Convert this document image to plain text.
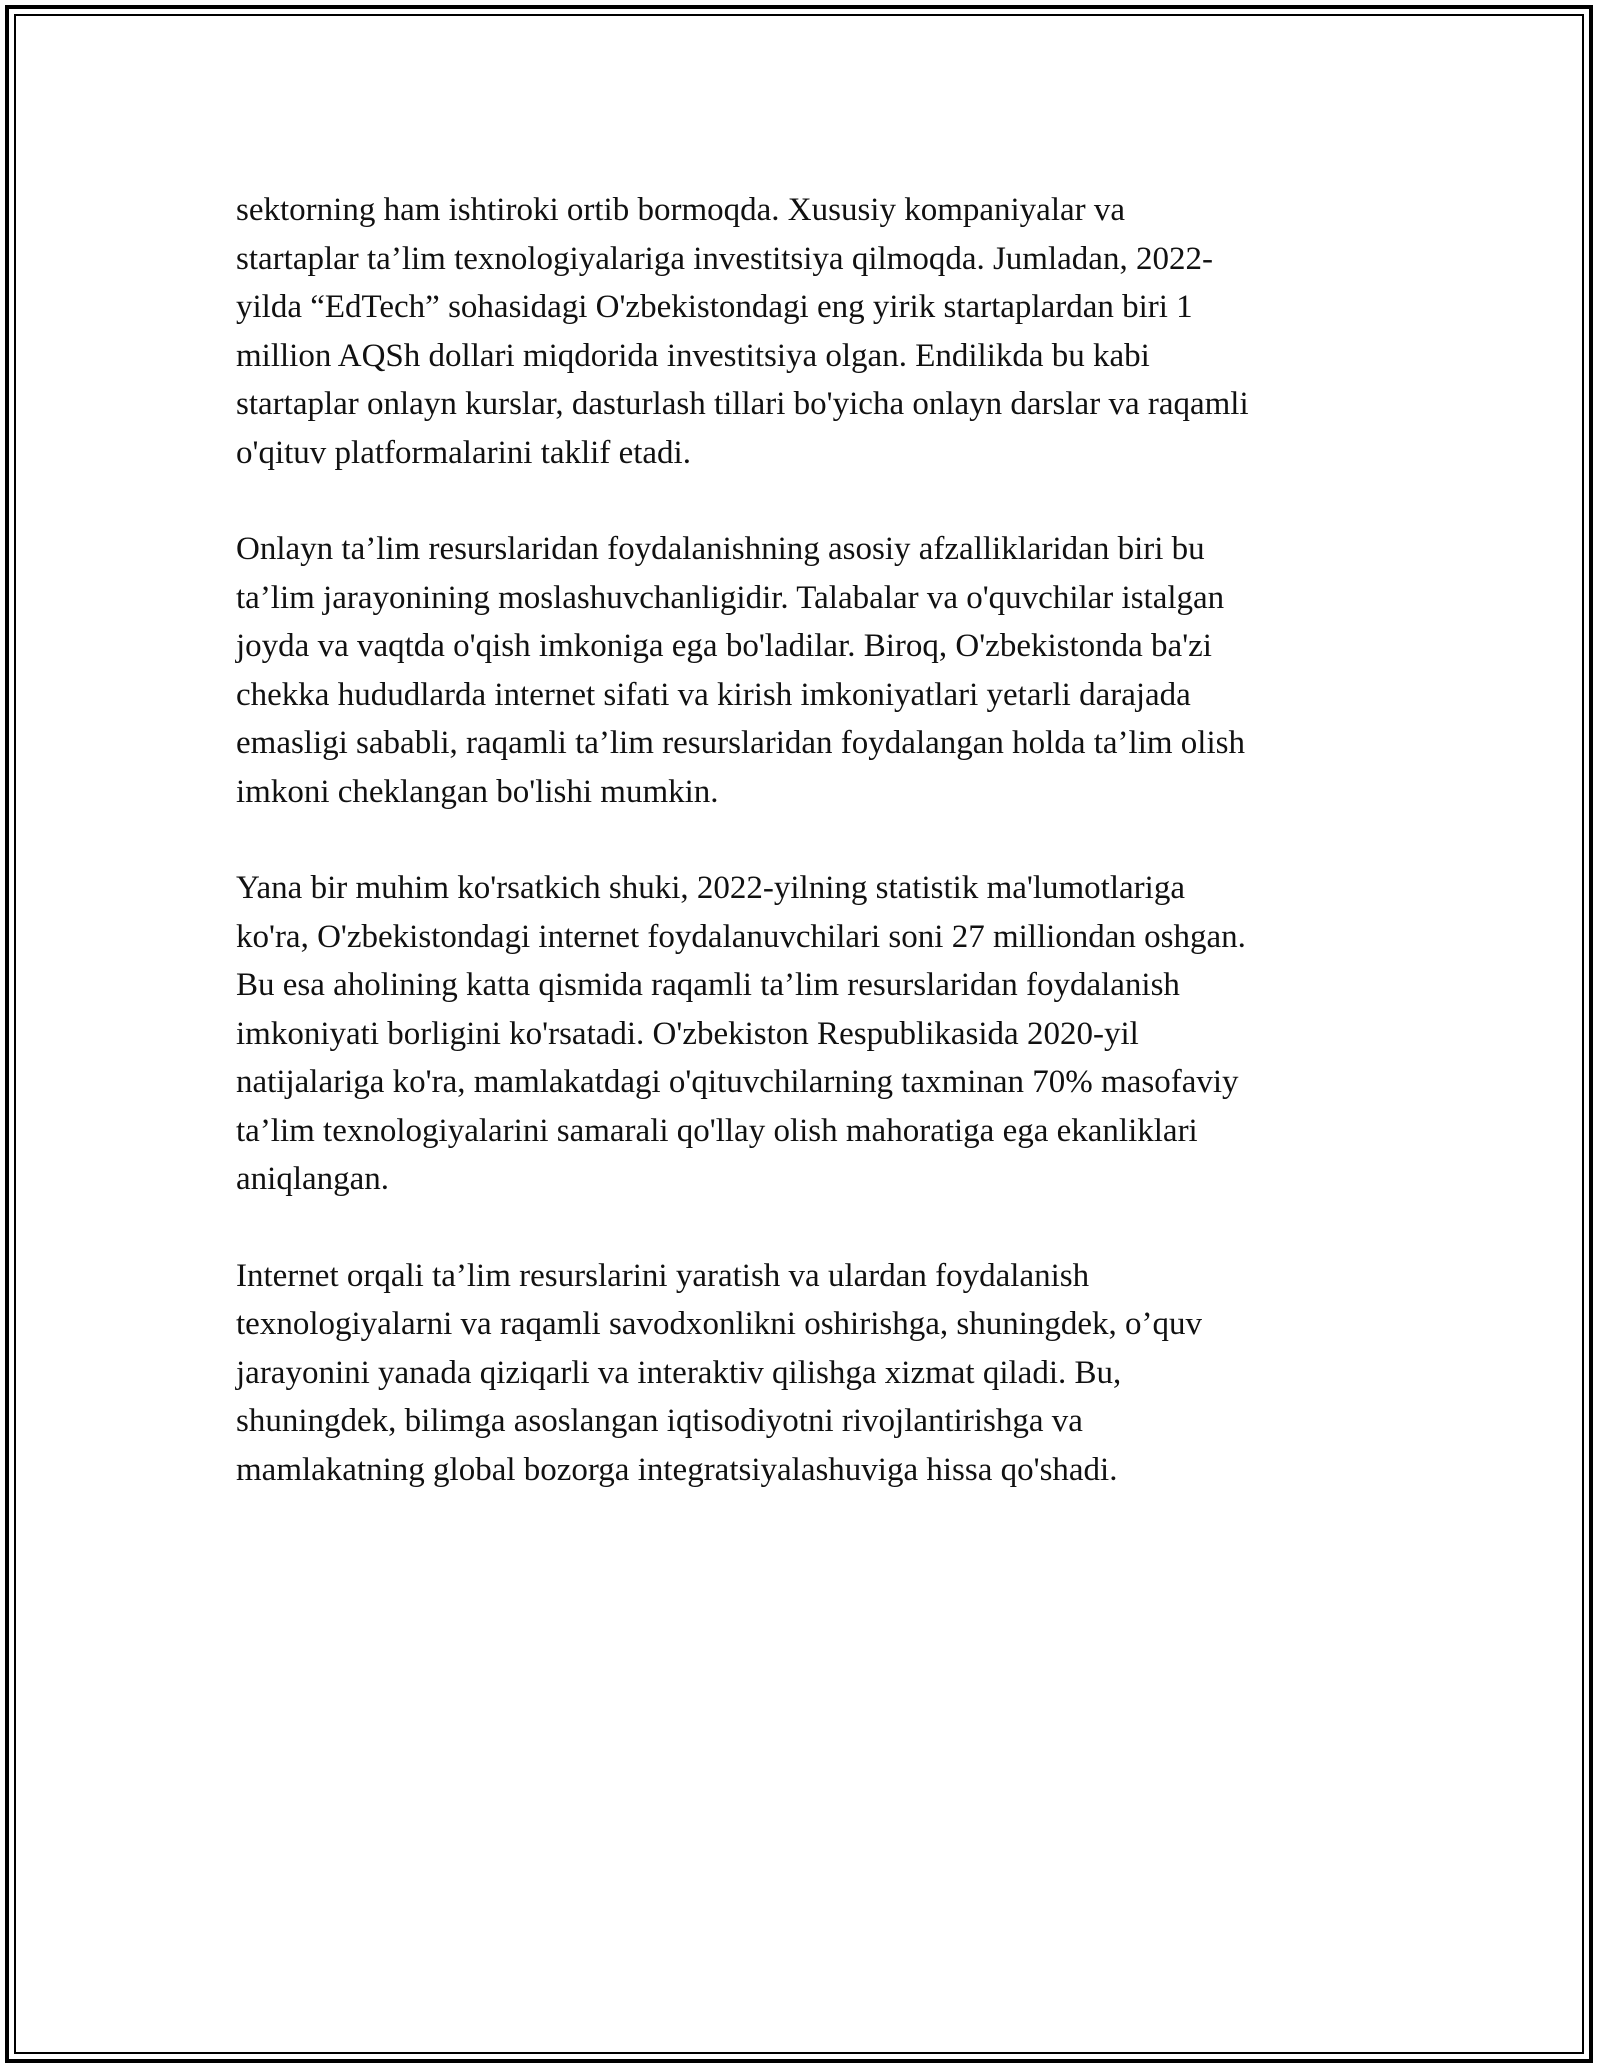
sektorning ham ishtiroki ortib bormoqda. Xususiy kompaniyalar va
startaplar ta’lim texnologiyalariga investitsiya qilmoqda. Jumladan, 2022-
yilda “EdTech” sohasidagi O'zbekistondagi eng yirik startaplardan biri 1
million AQSh dollari miqdorida investitsiya olgan. Endilikda bu kabi
startaplar onlayn kurslar, dasturlash tillari bo'yicha onlayn darslar va raqamli
o'qituv platformalarini taklif etadi.

Onlayn ta’lim resurslaridan foydalanishning asosiy afzalliklaridan biri bu
ta’lim jarayonining moslashuvchanligidir. Talabalar va o'quvchilar istalgan
joyda va vaqtda o'qish imkoniga ega bo'ladilar. Biroq, O'zbekistonda ba'zi
chekka hududlarda internet sifati va kirish imkoniyatlari yetarli darajada
emasligi sababli, raqamli ta’lim resurslaridan foydalangan holda ta’lim olish
imkoni cheklangan bo'lishi mumkin.

Yana bir muhim ko'rsatkich shuki, 2022-yilning statistik ma'lumotlariga
ko'ra, O'zbekistondagi internet foydalanuvchilari soni 27 milliondan oshgan.
Bu esa aholining katta qismida raqamli ta’lim resurslaridan foydalanish
imkoniyati borligini ko'rsatadi. O'zbekiston Respublikasida 2020-yil
natijalariga ko'ra, mamlakatdagi o'qituvchilarning taxminan 70% masofaviy
ta’lim texnologiyalarini samarali qo'llay olish mahoratiga ega ekanliklari
aniqlangan.

Internet orqali ta’lim resurslarini yaratish va ulardan foydalanish
texnologiyalarni va raqamli savodxonlikni oshirishga, shuningdek, o’quv
jarayonini yanada qiziqarli va interaktiv qilishga xizmat qiladi. Bu,
shuningdek, bilimga asoslangan iqtisodiyotni rivojlantirishga va
mamlakatning global bozorga integratsiyalashuviga hissa qo'shadi.
